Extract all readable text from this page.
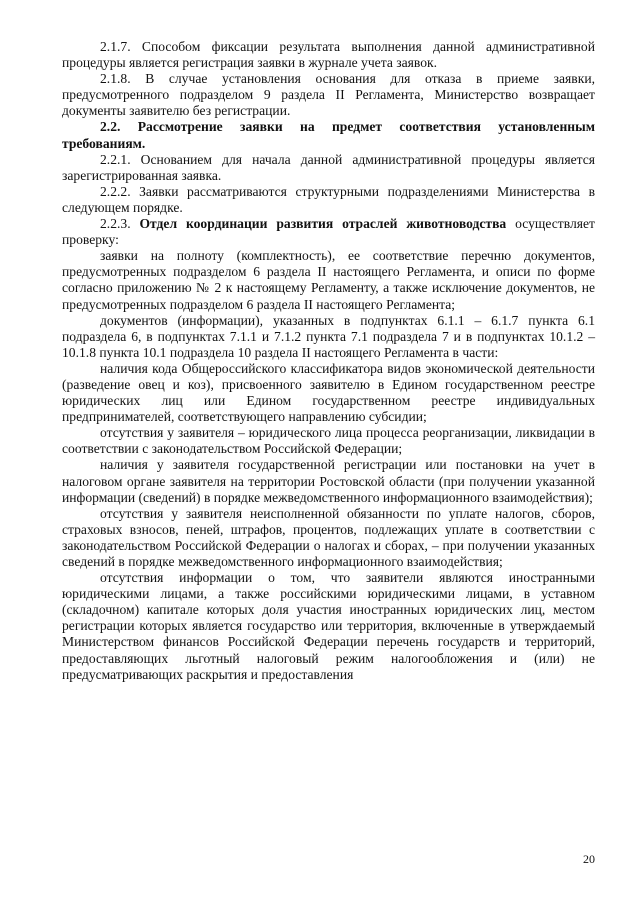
2.1.7. Способом фиксации результата выполнения данной административной процедуры является регистрация заявки в журнале учета заявок.

2.1.8. В случае установления основания для отказа в приеме заявки, предусмотренного подразделом 9 раздела II Регламента, Министерство возвращает документы заявителю без регистрации.

2.2. Рассмотрение заявки на предмет соответствия установленным требованиям.

2.2.1. Основанием для начала данной административной процедуры является зарегистрированная заявка.

2.2.2. Заявки рассматриваются структурными подразделениями Министерства в следующем порядке.

2.2.3. Отдел координации развития отраслей животноводства осуществляет проверку:

заявки на полноту (комплектность), ее соответствие перечню документов, предусмотренных подразделом 6 раздела II настоящего Регламента, и описи по форме согласно приложению № 2 к настоящему Регламенту, а также исключение документов, не предусмотренных подразделом 6 раздела II настоящего Регламента;

документов (информации), указанных в подпунктах 6.1.1 – 6.1.7 пункта 6.1 подраздела 6, в подпунктах 7.1.1 и 7.1.2 пункта 7.1 подраздела 7 и в подпунктах 10.1.2 – 10.1.8 пункта 10.1 подраздела 10 раздела II настоящего Регламента в части:

наличия кода Общероссийского классификатора видов экономической деятельности (разведение овец и коз), присвоенного заявителю в Едином государственном реестре юридических лиц или Едином государственном реестре индивидуальных предпринимателей, соответствующего направлению субсидии;

отсутствия у заявителя – юридического лица процесса реорганизации, ликвидации в соответствии с законодательством Российской Федерации;

наличия у заявителя государственной регистрации или постановки на учет в налоговом органе заявителя на территории Ростовской области (при получении указанной информации (сведений) в порядке межведомственного информационного взаимодействия);

отсутствия у заявителя неисполненной обязанности по уплате налогов, сборов, страховых взносов, пеней, штрафов, процентов, подлежащих уплате в соответствии с законодательством Российской Федерации о налогах и сборах, – при получении указанных сведений в порядке межведомственного информационного взаимодействия;

отсутствия информации о том, что заявители являются иностранными юридическими лицами, а также российскими юридическими лицами, в уставном (складочном) капитале которых доля участия иностранных юридических лиц, местом регистрации которых является государство или территория, включенные в утверждаемый Министерством финансов Российской Федерации перечень государств и территорий, предоставляющих льготный налоговый режим налогообложения и (или) не предусматривающих раскрытия и предоставления

20
